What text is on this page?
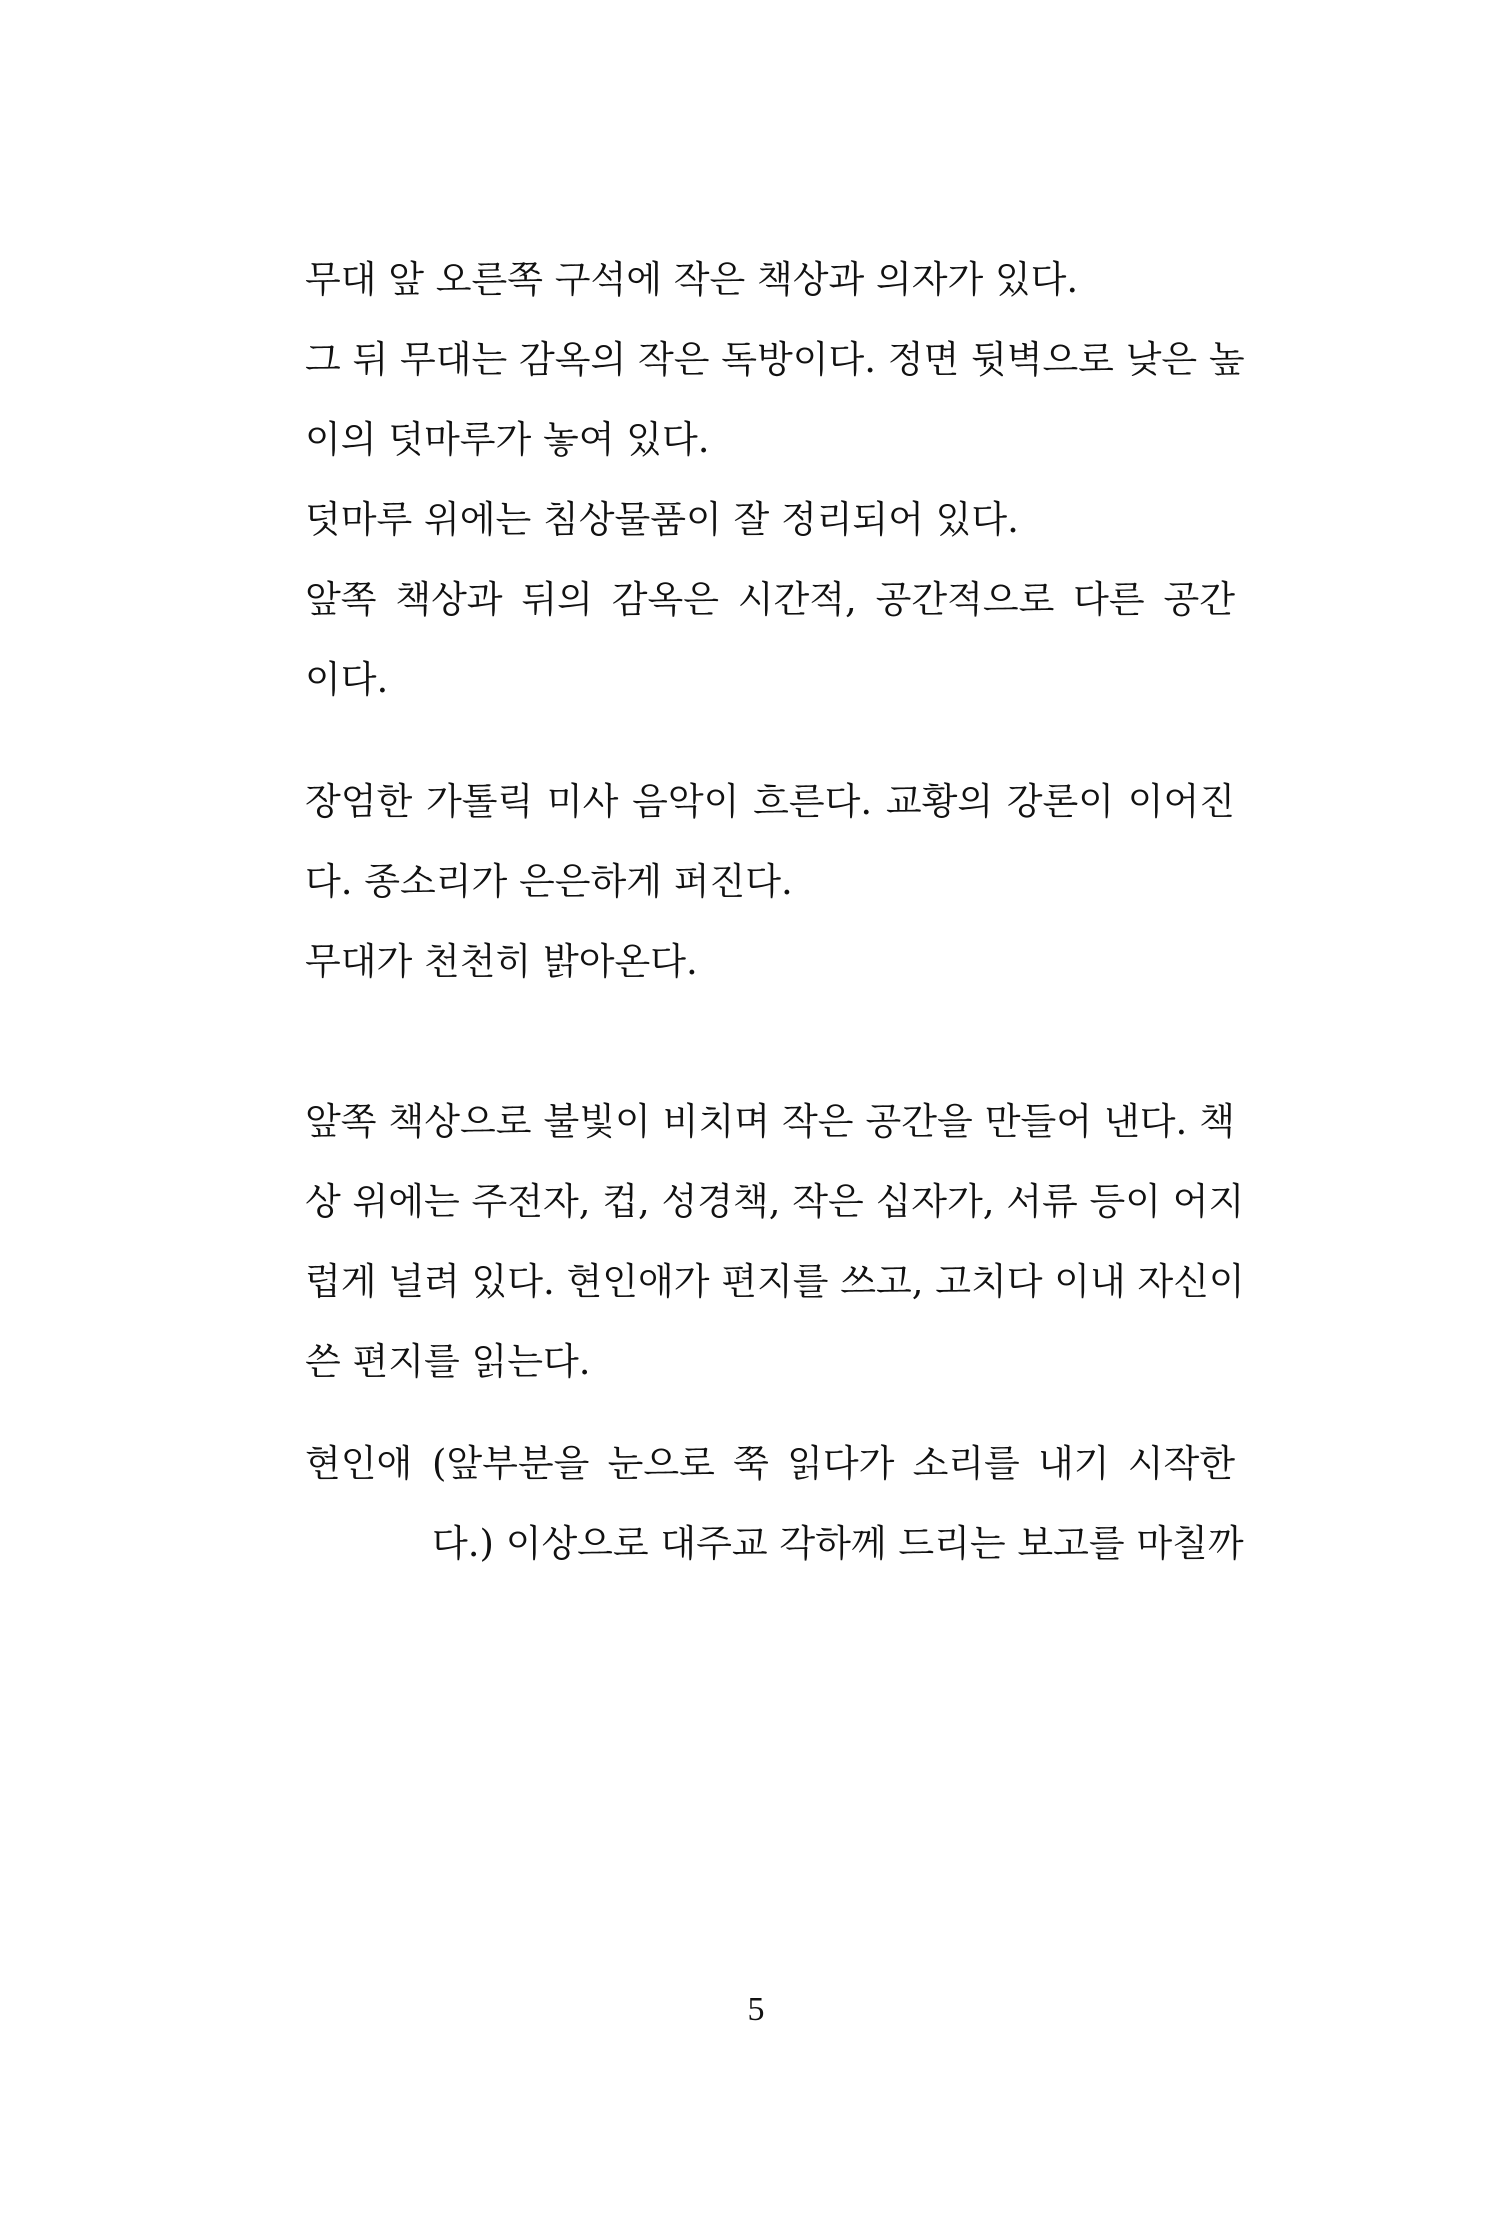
무대 앞 오른쪽 구석에 작은 책상과 의자가 있다.
그 뒤 무대는 감옥의 작은 독방이다. 정면 뒷벽으로 낮은 높
이의 덧마루가 놓여 있다.
덧마루 위에는 침상물품이 잘 정리되어 있다.
앞쪽 책상과 뒤의 감옥은 시간적, 공간적으로 다른 공간
이다.
장엄한 가톨릭 미사 음악이 흐른다. 교황의 강론이 이어진
다. 종소리가 은은하게 퍼진다.
무대가 천천히 밝아온다.
앞쪽 책상으로 불빛이 비치며 작은 공간을 만들어 낸다. 책
상 위에는 주전자, 컵, 성경책, 작은 십자가, 서류 등이 어지
럽게 널려 있다. 현인애가 편지를 쓰고, 고치다 이내 자신이
쓴 편지를 읽는다.
현인애 (앞부분을 눈으로 쭉 읽다가 소리를 내기 시작한
다.) 이상으로 대주교 각하께 드리는 보고를 마칠까
5
